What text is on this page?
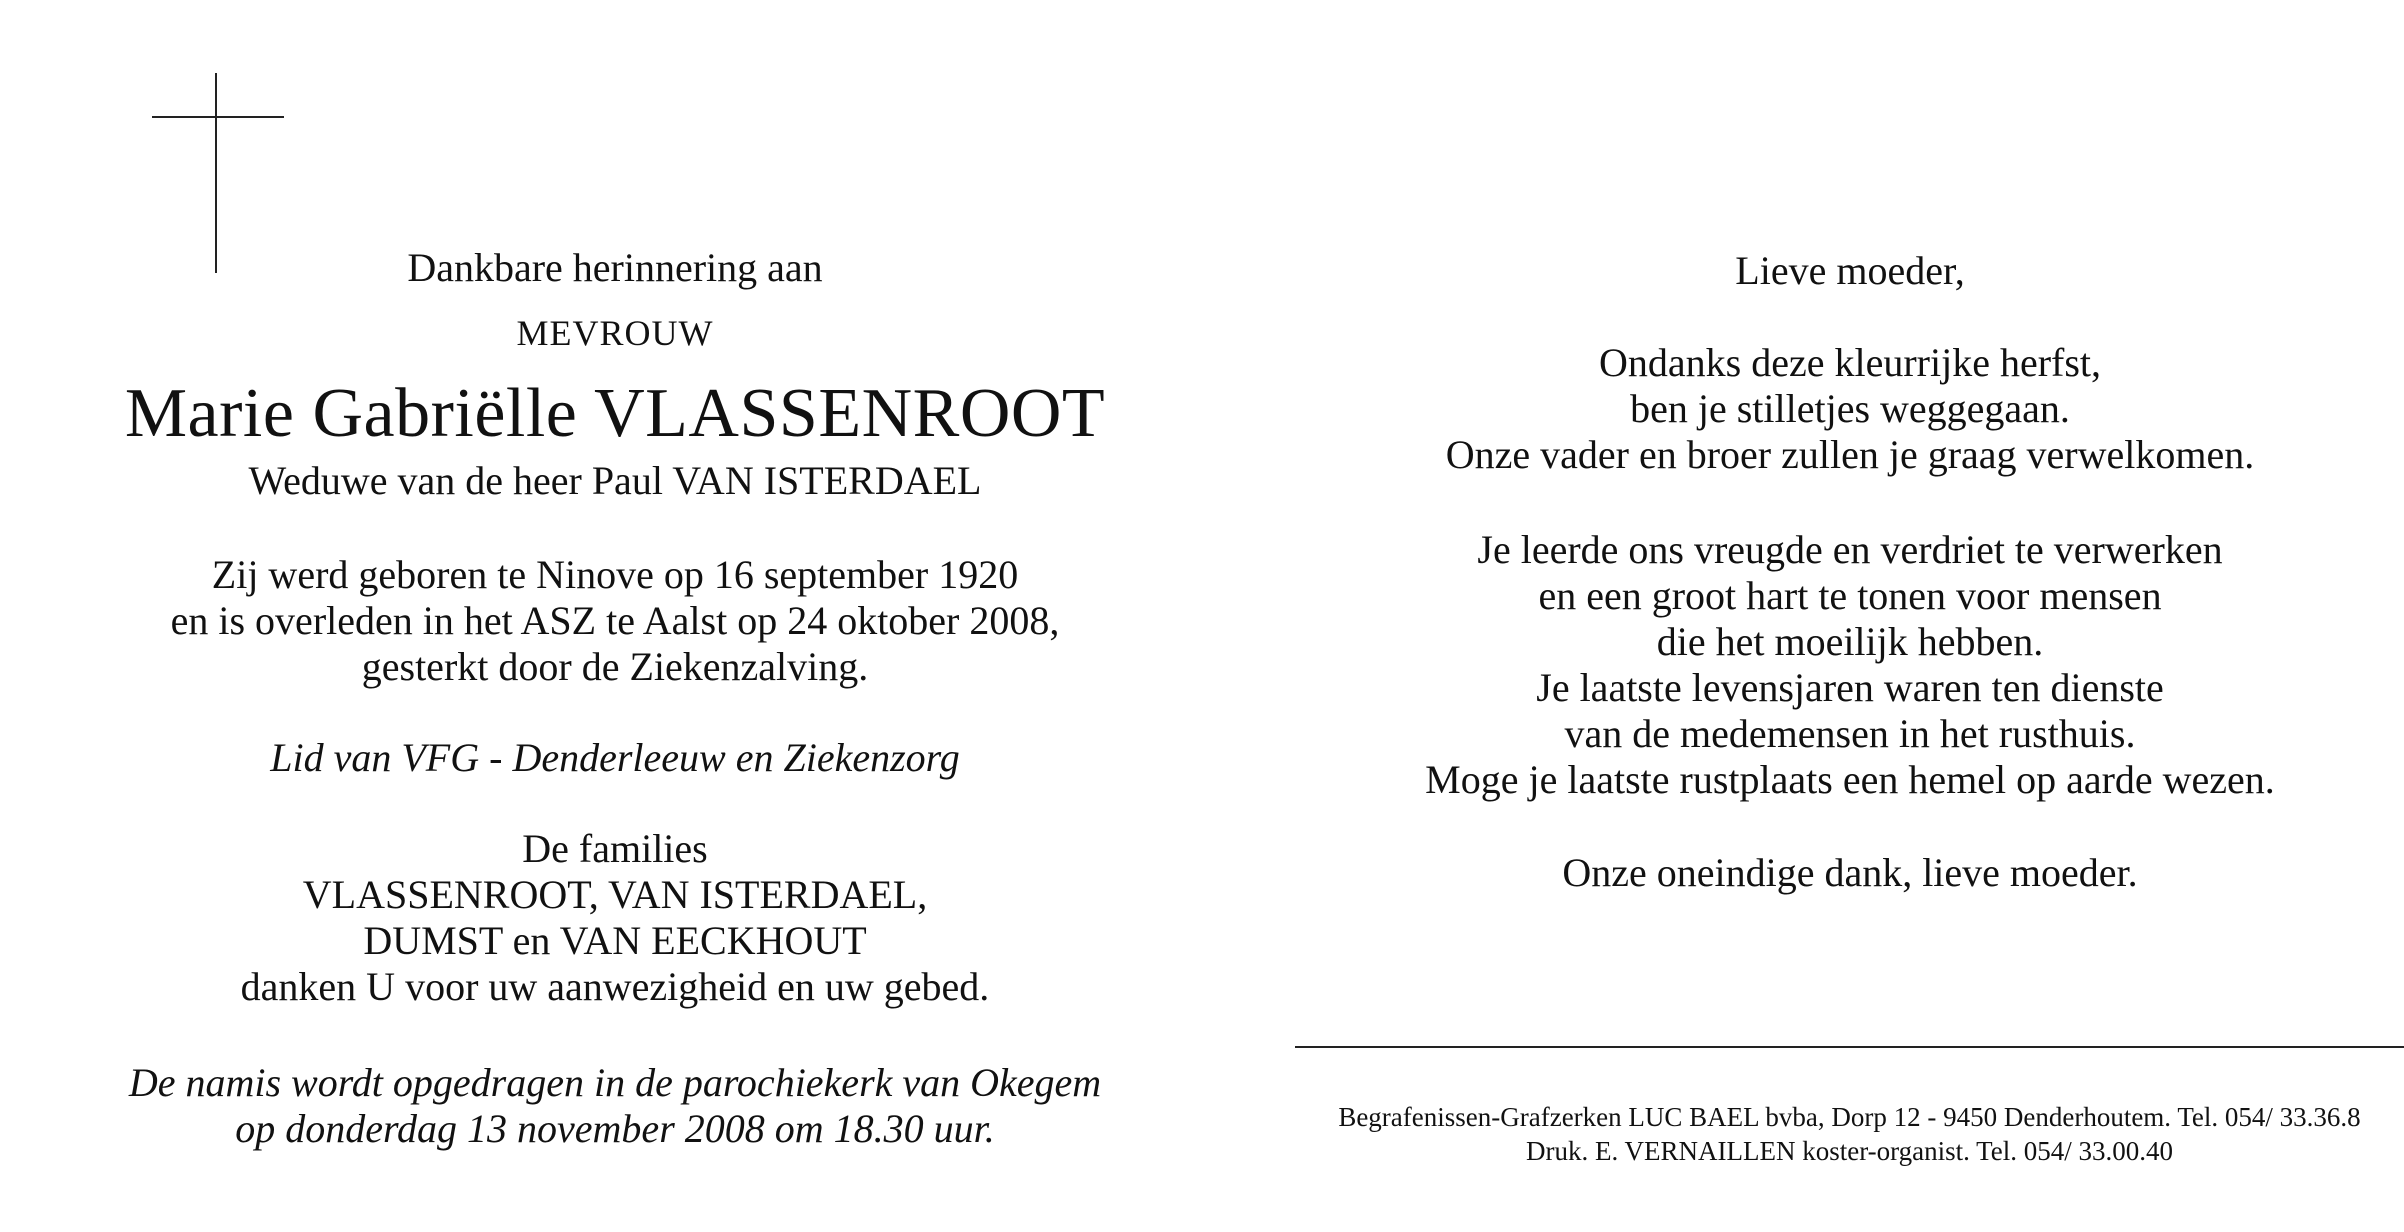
Dankbare herinnering aan
MEVROUW
Marie Gabriëlle VLASSENROOT
Weduwe van de heer Paul VAN ISTERDAEL
Zij werd geboren te Ninove op 16 september 1920
en is overleden in het ASZ te Aalst op 24 oktober 2008,
gesterkt door de Ziekenzalving.
Lid van VFG - Denderleeuw en Ziekenzorg
De families
VLASSENROOT, VAN ISTERDAEL,
DUMST en VAN EECKHOUT
danken U voor uw aanwezigheid en uw gebed.
De namis wordt opgedragen in de parochiekerk van Okegem
op donderdag 13 november 2008 om 18.30 uur.
Lieve moeder,
Ondanks deze kleurrijke herfst,
ben je stilletjes weggegaan.
Onze vader en broer zullen je graag verwelkomen.
Je leerde ons vreugde en verdriet te verwerken
en een groot hart te tonen voor mensen
die het moeilijk hebben.
Je laatste levensjaren waren ten dienste
van de medemensen in het rusthuis.
Moge je laatste rustplaats een hemel op aarde wezen.
Onze oneindige dank, lieve moeder.
Begrafenissen-Grafzerken LUC BAEL bvba, Dorp 12 - 9450 Denderhoutem. Tel. 054/ 33.36.8
Druk. E. VERNAILLEN koster-organist. Tel. 054/ 33.00.40
